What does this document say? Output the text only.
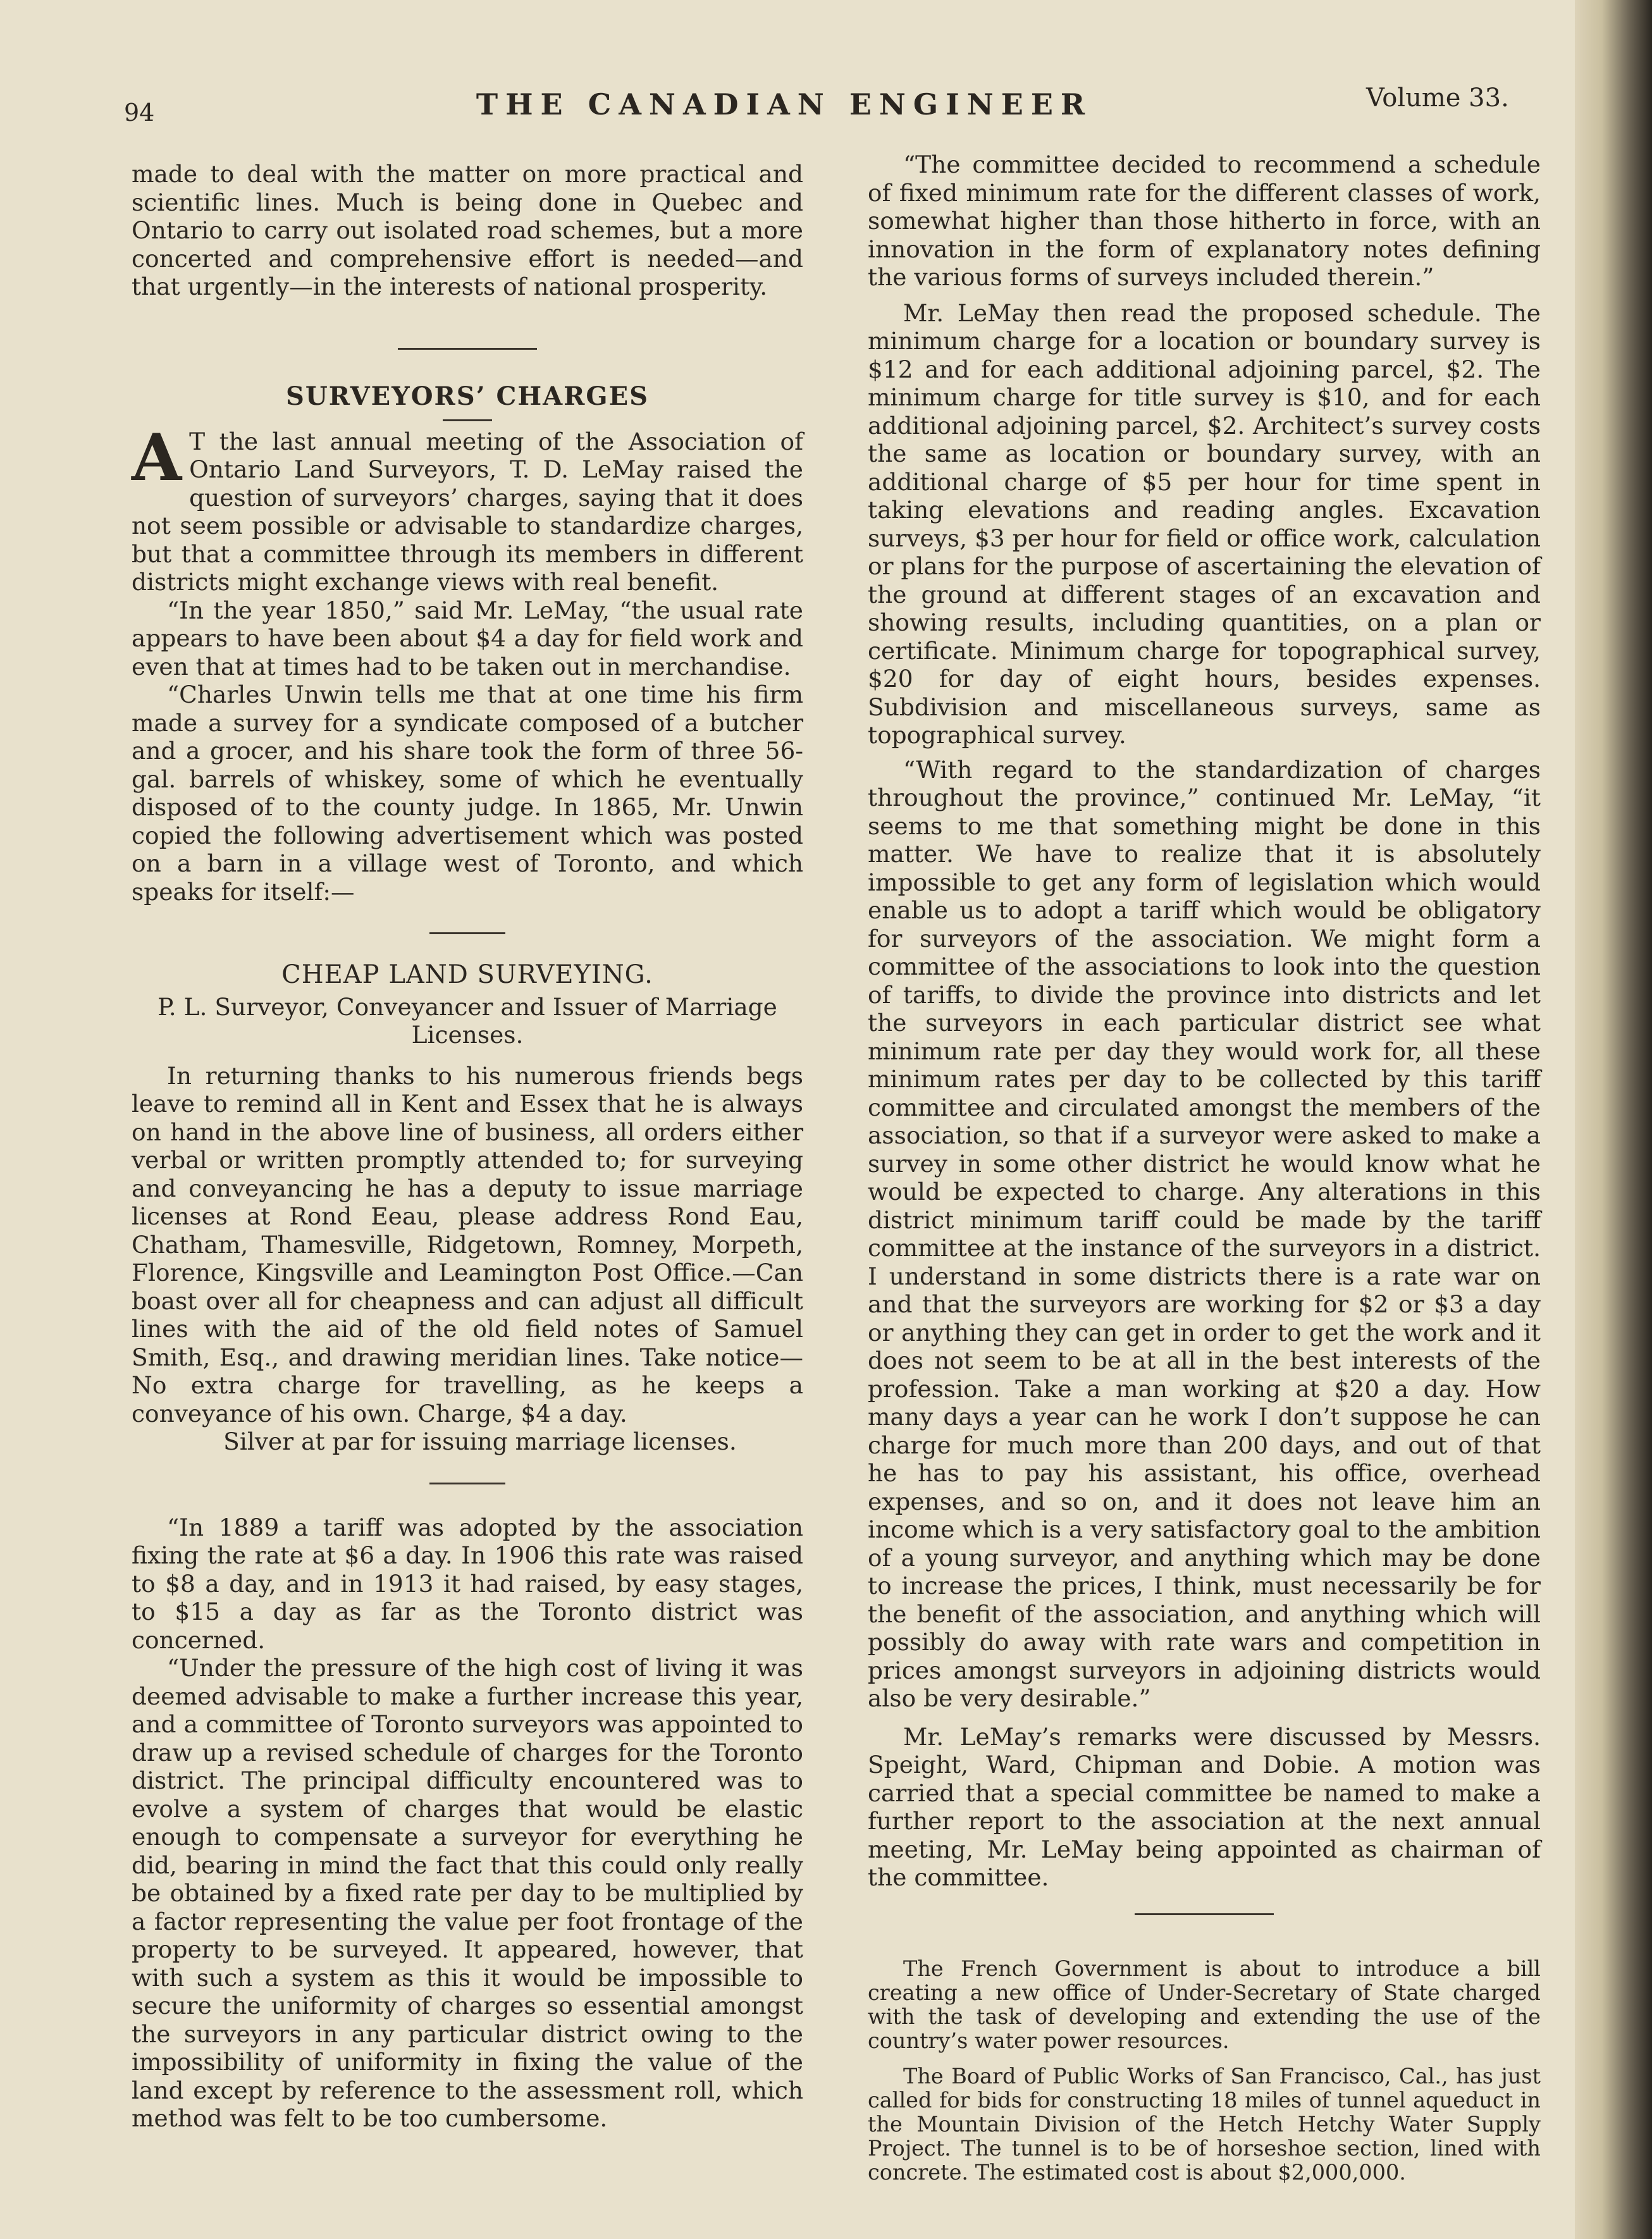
94	THE CANADIAN ENGINEER	Volume 33.

made to deal with the matter on more practical and scientific lines. Much is being done in Quebec and Ontario to carry out isolated road schemes, but a more concerted and comprehensive effort is needed—and that urgently—in the interests of national prosperity.

SURVEYORS’ CHARGES

A T the last annual meeting of the Association of Ontario Land Surveyors, T. D. LeMay raised the question of surveyors’ charges, saying that it does not seem possible or advisable to standardize charges, but that a committee through its members in different districts might exchange views with real benefit.

“In the year 1850,” said Mr. LeMay, “the usual rate appears to have been about $4 a day for field work and even that at times had to be taken out in merchandise.

“Charles Unwin tells me that at one time his firm made a survey for a syndicate composed of a butcher and a grocer, and his share took the form of three 56-gal. barrels of whiskey, some of which he eventually disposed of to the county judge. In 1865, Mr. Unwin copied the following advertisement which was posted on a barn in a village west of Toronto, and which speaks for itself:—

CHEAP LAND SURVEYING.

P. L. Surveyor, Conveyancer and Issuer of Marriage Licenses.

In returning thanks to his numerous friends begs leave to remind all in Kent and Essex that he is always on hand in the above line of business, all orders either verbal or written promptly attended to; for surveying and conveyancing he has a deputy to issue marriage licenses at Rond Eeau, please address Rond Eau, Chatham, Thamesville, Ridgetown, Romney, Morpeth, Florence, Kingsville and Leamington Post Office.—Can boast over all for cheapness and can adjust all difficult lines with the aid of the old field notes of Samuel Smith, Esq., and drawing meridian lines. Take notice—No extra charge for travelling, as he keeps a conveyance of his own. Charge, $4 a day.

Silver at par for issuing marriage licenses.

“In 1889 a tariff was adopted by the association fixing the rate at $6 a day. In 1906 this rate was raised to $8 a day, and in 1913 it had raised, by easy stages, to $15 a day as far as the Toronto district was concerned.

“Under the pressure of the high cost of living it was deemed advisable to make a further increase this year, and a committee of Toronto surveyors was appointed to draw up a revised schedule of charges for the Toronto district. The principal difficulty encountered was to evolve a system of charges that would be elastic enough to compensate a surveyor for everything he did, bearing in mind the fact that this could only really be obtained by a fixed rate per day to be multiplied by a factor representing the value per foot frontage of the property to be surveyed. It appeared, however, that with such a system as this it would be impossible to secure the uniformity of charges so essential amongst the surveyors in any particular district owing to the impossibility of uniformity in fixing the value of the land except by reference to the assessment roll, which method was felt to be too cumbersome.

“The committee decided to recommend a schedule of fixed minimum rate for the different classes of work, somewhat higher than those hitherto in force, with an innovation in the form of explanatory notes defining the various forms of surveys included therein.”

Mr. LeMay then read the proposed schedule. The minimum charge for a location or boundary survey is $12 and for each additional adjoining parcel, $2. The minimum charge for title survey is $10, and for each additional adjoining parcel, $2. Architect’s survey costs the same as location or boundary survey, with an additional charge of $5 per hour for time spent in taking elevations and reading angles. Excavation surveys, $3 per hour for field or office work, calculation or plans for the purpose of ascertaining the elevation of the ground at different stages of an excavation and showing results, including quantities, on a plan or certificate. Minimum charge for topographical survey, $20 for day of eight hours, besides expenses. Subdivision and miscellaneous surveys, same as topographical survey.

“With regard to the standardization of charges throughout the province,” continued Mr. LeMay, “it seems to me that something might be done in this matter. We have to realize that it is absolutely impossible to get any form of legislation which would enable us to adopt a tariff which would be obligatory for surveyors of the association. We might form a committee of the associations to look into the question of tariffs, to divide the province into districts and let the surveyors in each particular district see what minimum rate per day they would work for, all these minimum rates per day to be collected by this tariff committee and circulated amongst the members of the association, so that if a surveyor were asked to make a survey in some other district he would know what he would be expected to charge. Any alterations in this district minimum tariff could be made by the tariff committee at the instance of the surveyors in a district. I understand in some districts there is a rate war on and that the surveyors are working for $2 or $3 a day or anything they can get in order to get the work and it does not seem to be at all in the best interests of the profession. Take a man working at $20 a day. How many days a year can he work I don’t suppose he can charge for much more than 200 days, and out of that he has to pay his assistant, his office, overhead expenses, and so on, and it does not leave him an income which is a very satisfactory goal to the ambition of a young surveyor, and anything which may be done to increase the prices, I think, must necessarily be for the benefit of the association, and anything which will possibly do away with rate wars and competition in prices amongst surveyors in adjoining districts would also be very desirable.”

Mr. LeMay’s remarks were discussed by Messrs. Speight, Ward, Chipman and Dobie. A motion was carried that a special committee be named to make a further report to the association at the next annual meeting, Mr. LeMay being appointed as chairman of the committee.

The French Government is about to introduce a bill creating a new office of Under-Secretary of State charged with the task of developing and extending the use of the country’s water power resources.

The Board of Public Works of San Francisco, Cal., has just called for bids for constructing 18 miles of tunnel aqueduct in the Mountain Division of the Hetch Hetchy Water Supply Project. The tunnel is to be of horseshoe section, lined with concrete. The estimated cost is about $2,000,000.
